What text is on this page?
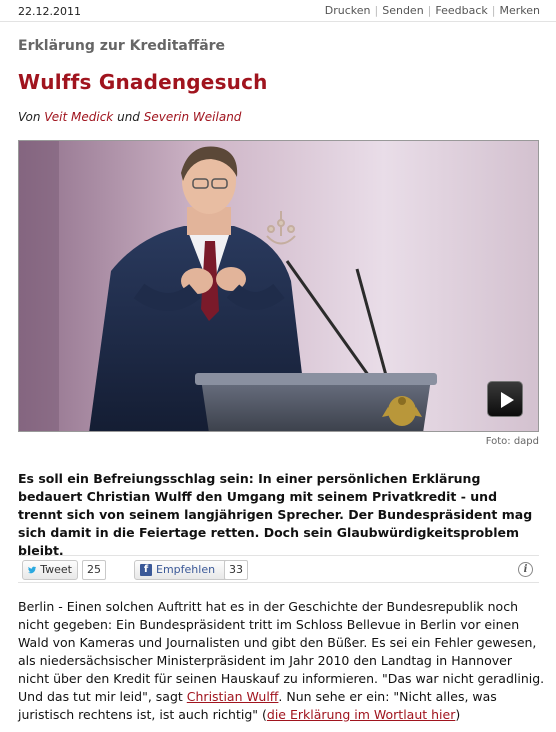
22.12.2011	Drucken | Senden | Feedback | Merken
Erklärung zur Kreditaffäre
Wulffs Gnadengesuch
Von Veit Medick und Severin Weiland
Foto: dapd

Es soll ein Befreiungsschlag sein: In einer persönlichen Erklärung bedauert Christian Wulff den Umgang mit seinem Privatkredit - und trennt sich von seinem langjährigen Sprecher. Der Bundespräsident mag sich damit in die Feiertage retten. Doch sein Glaubwürdigkeitsproblem bleibt.

Tweet	25	f Empfehlen	33	i

Berlin - Einen solchen Auftritt hat es in der Geschichte der Bundesrepublik noch nicht gegeben: Ein Bundespräsident tritt im Schloss Bellevue in Berlin vor einen Wald von Kameras und Journalisten und gibt den Büßer. Es sei ein Fehler gewesen, als niedersächsischer Ministerpräsident im Jahr 2010 den Landtag in Hannover nicht über den Kredit für seinen Hauskauf zu informieren. "Das war nicht geradlinig. Und das tut mir leid", sagt Christian Wulff. Nun sehe er ein: "Nicht alles, was juristisch rechtens ist, ist auch richtig" (die Erklärung im Wortlaut hier)
